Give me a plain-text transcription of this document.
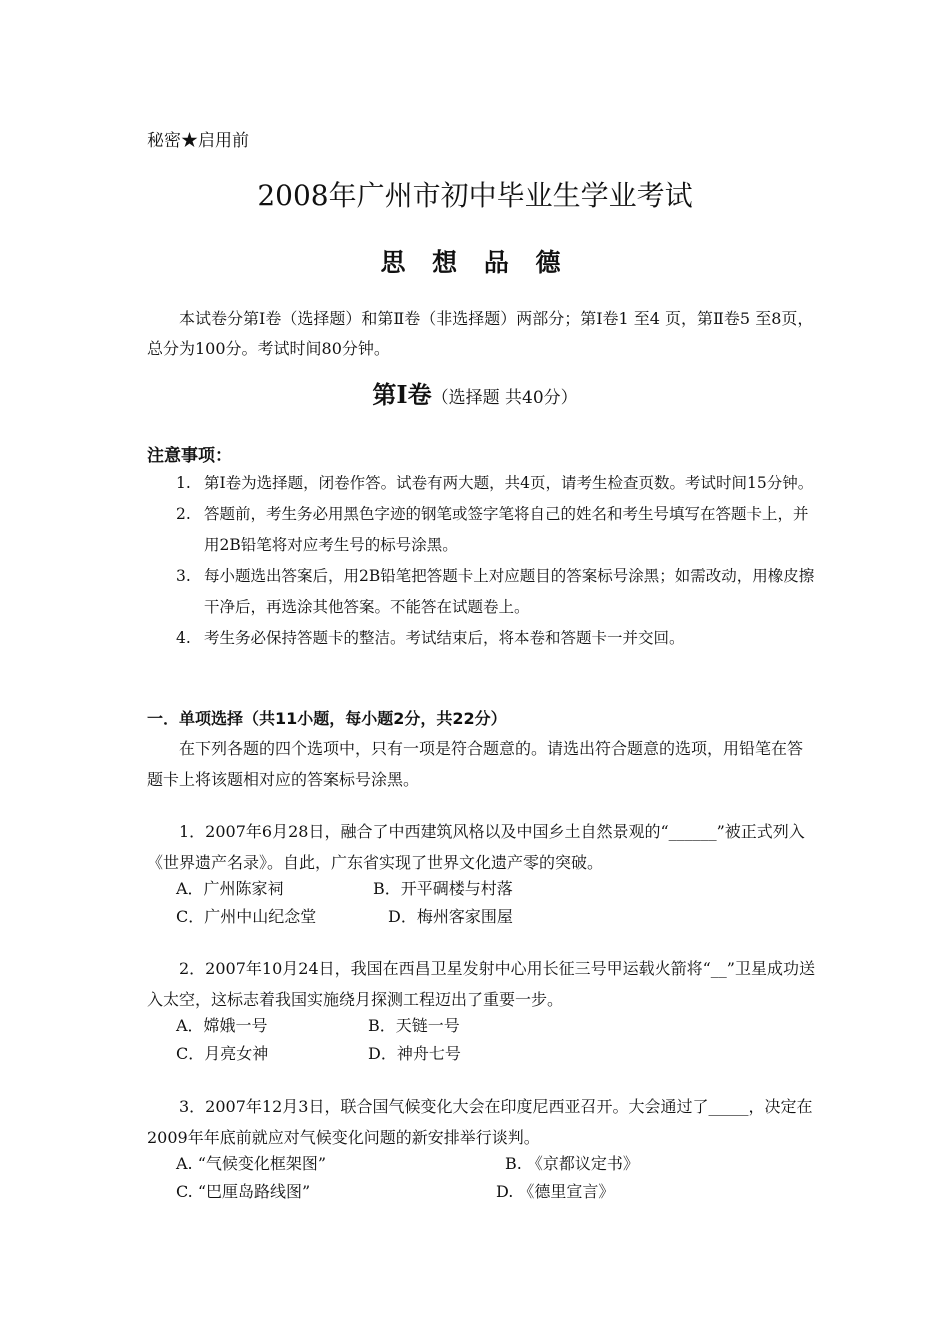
秘密★启用前
2008年广州市初中毕业生学业考试
思 想 品 德
本试卷分第Ⅰ卷（选择题）和第Ⅱ卷（非选择题）两部分；第Ⅰ卷1 至4 页，第Ⅱ卷5 至8页，总分为100分。考试时间80分钟。
第Ⅰ卷（选择题 共40分）
注意事项：
1. 第Ⅰ卷为选择题，闭卷作答。试卷有两大题，共4页，请考生检查页数。考试时间15分钟。
2. 答题前，考生务必用黑色字迹的钢笔或签字笔将自己的姓名和考生号填写在答题卡上，并用2B铅笔将对应考生号的标号涂黑。
3. 每小题选出答案后，用2B铅笔把答题卡上对应题目的答案标号涂黑；如需改动，用橡皮擦干净后，再选涂其他答案。不能答在试题卷上。
4. 考生务必保持答题卡的整洁。考试结束后，将本卷和答题卡一并交回。
一．单项选择（共11小题，每小题2分，共22分）
在下列各题的四个选项中，只有一项是符合题意的。请选出符合题意的选项，用铅笔在答题卡上将该题相对应的答案标号涂黑。
1．2007年6月28日，融合了中西建筑风格以及中国乡土自然景观的“______”被正式列入《世界遗产名录》。自此，广东省实现了世界文化遗产零的突破。
A．广州陈家祠	B．开平碉楼与村落
C．广州中山纪念堂	D．梅州客家围屋
2．2007年10月24日，我国在西昌卫星发射中心用长征三号甲运载火箭将“__”卫星成功送入太空，这标志着我国实施绕月探测工程迈出了重要一步。
A．嫦娥一号	B．天链一号
C．月亮女神	D．神舟七号
3．2007年12月3日，联合国气候变化大会在印度尼西亚召开。大会通过了_____，决定在2009年年底前就应对气候变化问题的新安排举行谈判。
A. “气候变化框架图”	B. 《京都议定书》
C. “巴厘岛路线图”	D. 《德里宣言》
